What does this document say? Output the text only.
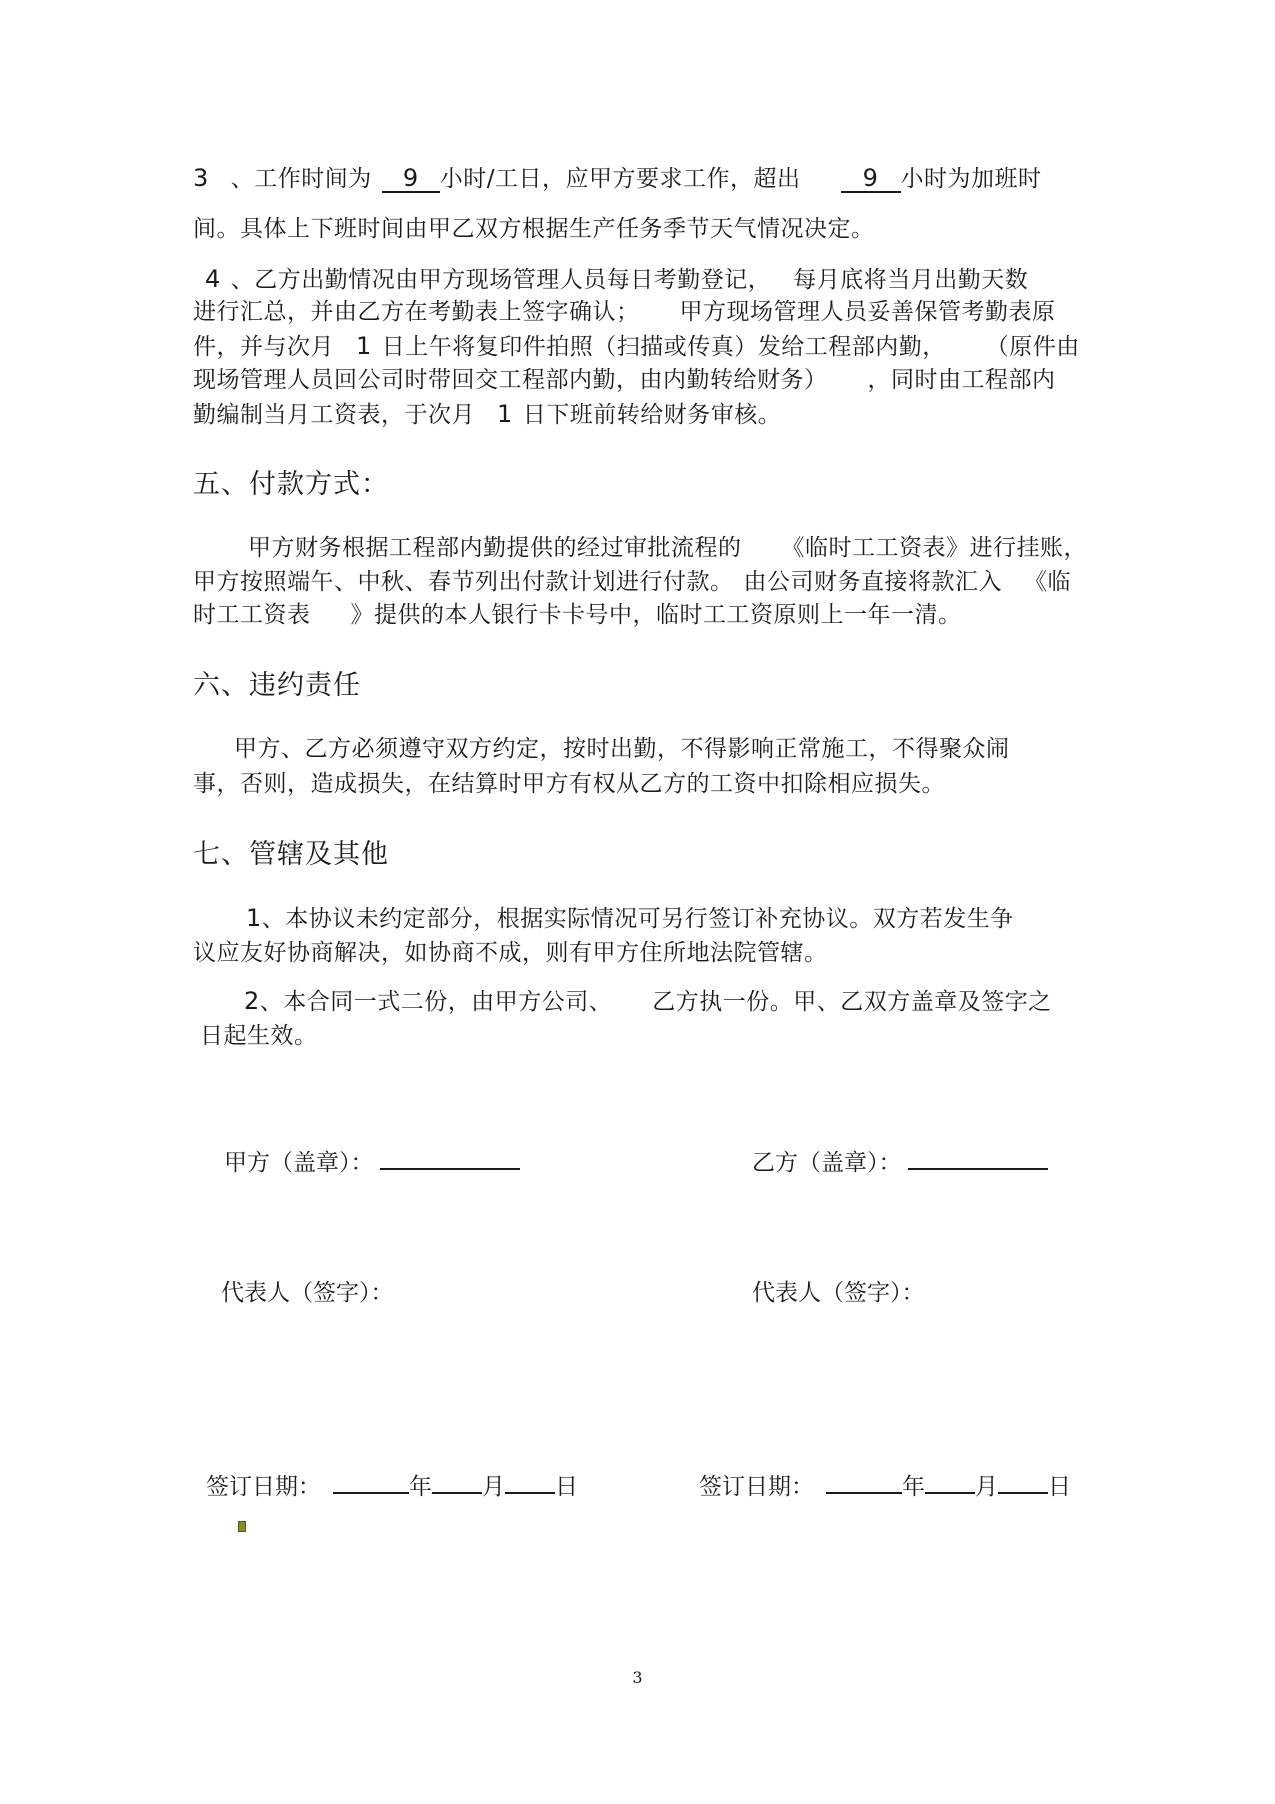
3 、工作时间为 9 小时/工日，应甲方要求工作，超出	9 小时为加班时
间。具体上下班时间由甲乙双方根据生产任务季节天气情况决定。
4 、乙方出勤情况由甲方现场管理人员每日考勤登记， 每月底将当月出勤天数
进行汇总，并由乙方在考勤表上签字确认； 甲方现场管理人员妥善保管考勤表原
件，并与次月 1 日上午将复印件拍照（扫描或传真）发给工程部内勤， （原件由
现场管理人员回公司时带回交工程部内勤，由内勤转给财务） ，同时由工程部内
勤编制当月工资表，于次月 1 日下班前转给财务审核。
五、付款方式：
甲方财务根据工程部内勤提供的经过审批流程的 《临时工工资表》进行挂账，
甲方按照端午、中秋、春节列出付款计划进行付款。 由公司财务直接将款汇入 《临
时工工资表 》提供的本人银行卡卡号中，临时工工资原则上一年一清。
六、违约责任
甲方、乙方必须遵守双方约定，按时出勤，不得影响正常施工，不得聚众闹
事，否则，造成损失，在结算时甲方有权从乙方的工资中扣除相应损失。
七、管辖及其他
1、本协议未约定部分，根据实际情况可另行签订补充协议。双方若发生争
议应友好协商解决，如协商不成，则有甲方住所地法院管辖。
2、本合同一式二份，由甲方公司、 乙方执一份。甲、乙双方盖章及签字之
日起生效。
甲方（盖章）：	乙方（盖章）：
代表人（签字）：	代表人（签字）：
签订日期：	年 月 日	签订日期：	年 月 日
3
